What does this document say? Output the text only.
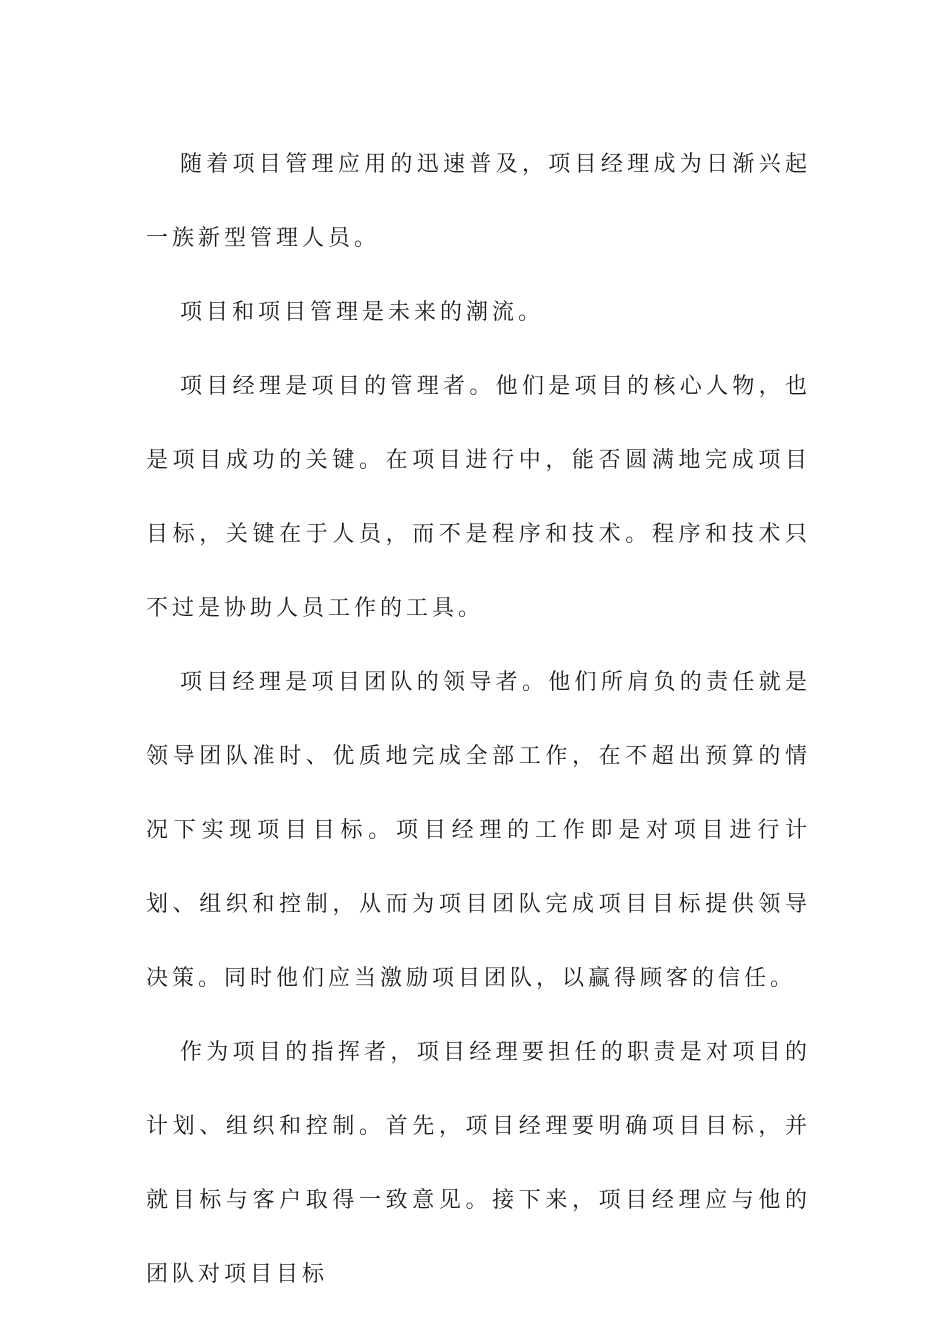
随着项目管理应用的迅速普及，项目经理成为日渐兴起一族新型管理人员。

项目和项目管理是未来的潮流。

项目经理是项目的管理者。他们是项目的核心人物，也是项目成功的关键。在项目进行中，能否圆满地完成项目目标，关键在于人员，而不是程序和技术。程序和技术只不过是协助人员工作的工具。

项目经理是项目团队的领导者。他们所肩负的责任就是领导团队准时、优质地完成全部工作，在不超出预算的情况下实现项目目标。项目经理的工作即是对项目进行计划、组织和控制，从而为项目团队完成项目目标提供领导决策。同时他们应当激励项目团队，以赢得顾客的信任。

作为项目的指挥者，项目经理要担任的职责是对项目的计划、组织和控制。首先，项目经理要明确项目目标，并就目标与客户取得一致意见。接下来，项目经理应与他的团队对项目目标
